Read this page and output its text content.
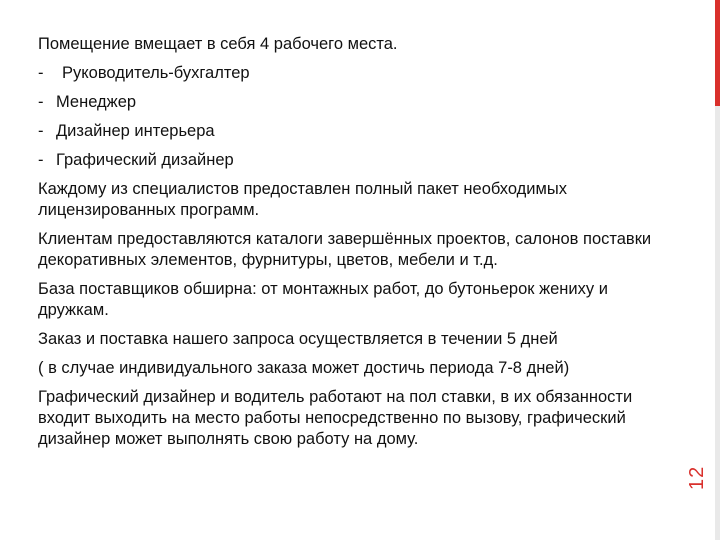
Помещение вмещает в себя 4 рабочего места.

-	Руководитель-бухгалтер
- Менеджер
- Дизайнер интерьера
- Графический дизайнер

Каждому из специалистов предоставлен полный пакет необходимых лицензированных программ.

Клиентам предоставляются каталоги завершённых проектов, салонов поставки декоративных элементов, фурнитуры, цветов, мебели и т.д.

База поставщиков обширна: от монтажных работ, до бутоньерок жениху и дружкам.

Заказ и поставка нашего запроса осуществляется в течении 5 дней

( в случае индивидуального заказа может достичь периода 7-8 дней)

Графический дизайнер и водитель работают на пол ставки, в их обязанности входит выходить на место работы непосредственно по вызову, графический дизайнер может выполнять свою работу на дому.

12
